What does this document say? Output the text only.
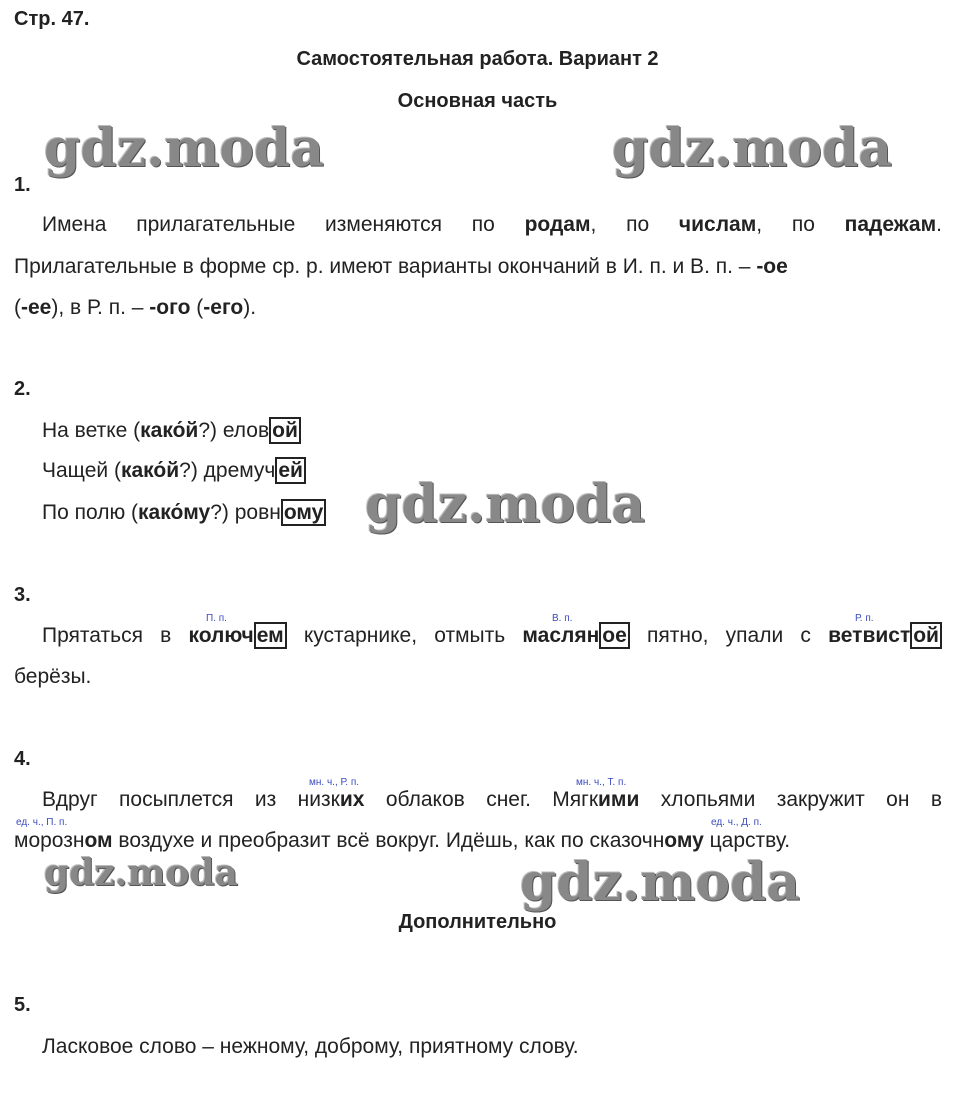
Стр. 47.
Самостоятельная работа. Вариант 2
Основная часть
gdz.moda	gdz.moda
gdz.moda
gdz.moda	gdz.moda
1.
Имена прилагательные изменяются по родам, по числам, по падежам.
Прилагательные в форме ср. р. имеют варианты окончаний в И. п. и В. п. – -ое
(-ее), в Р. п. – -ого (-его).
2.
На ветке (како́й?) елов ой
Чащей (како́й?) дремуч ей
По полю (како́му?) ровн ому
3.
П. п.	В. п.	Р. п.
Прятаться в колюч ем кустарнике, отмыть маслян ое пятно, упали с ветвист ой
берёзы.
4.
мн. ч., Р. п.	мн. ч., Т. п.
Вдруг посыплется из низких облаков снег. Мягкими хлопьями закружит он в
ед. ч., П. п.	ед. ч., Д. п.
морозном воздухе и преобразит всё вокруг. Идёшь, как по сказочному царству.
Дополнительно
5.
Ласковое слово – нежному, доброму, приятному слову.
